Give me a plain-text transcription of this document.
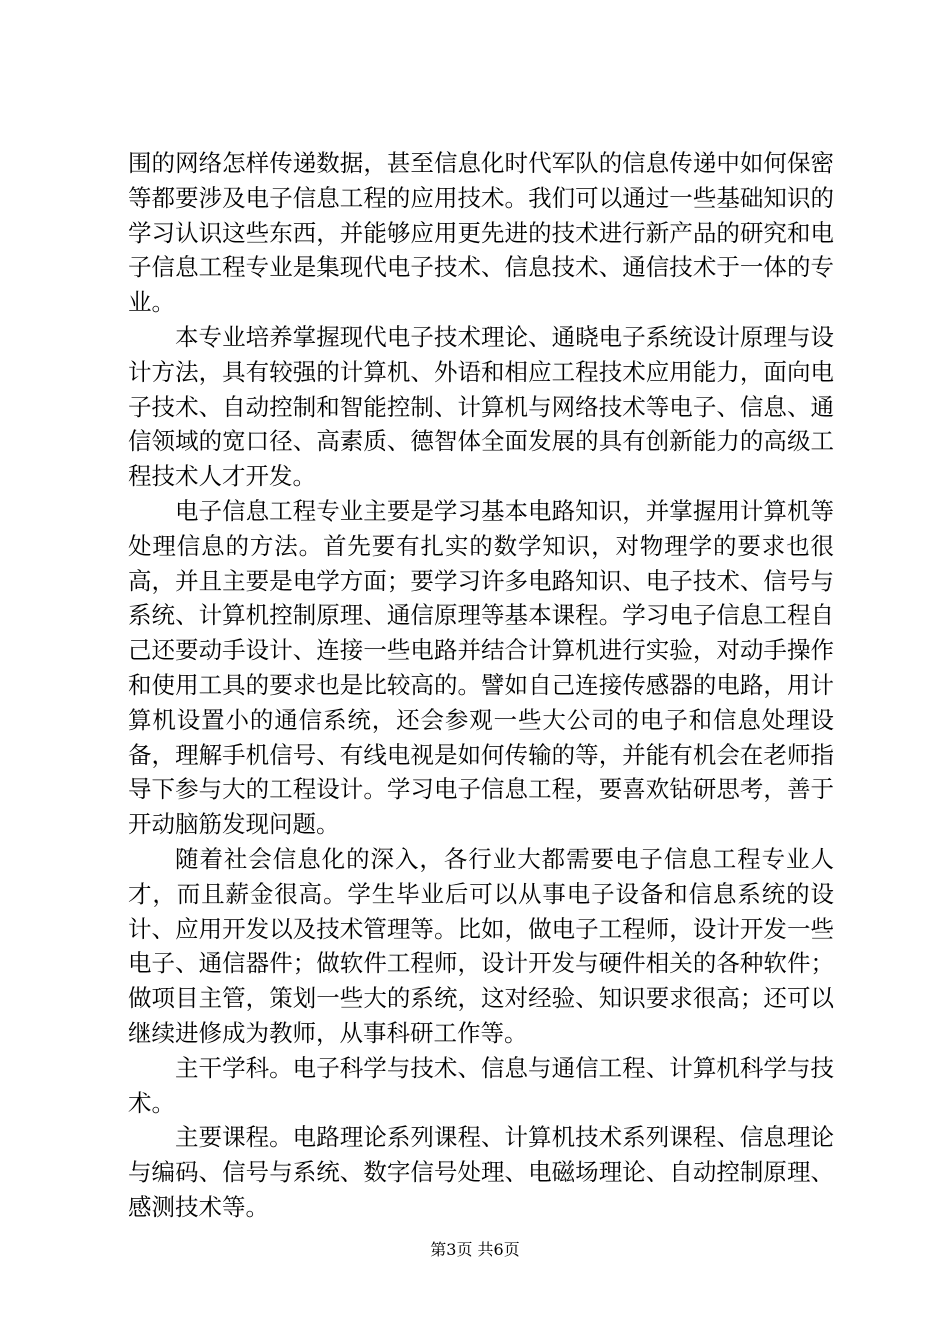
围的网络怎样传递数据，甚至信息化时代军队的信息传递中如何保密等都要涉及电子信息工程的应用技术。我们可以通过一些基础知识的学习认识这些东西，并能够应用更先进的技术进行新产品的研究和电子信息工程专业是集现代电子技术、信息技术、通信技术于一体的专业。

本专业培养掌握现代电子技术理论、通晓电子系统设计原理与设计方法，具有较强的计算机、外语和相应工程技术应用能力，面向电子技术、自动控制和智能控制、计算机与网络技术等电子、信息、通信领域的宽口径、高素质、德智体全面发展的具有创新能力的高级工程技术人才开发。

电子信息工程专业主要是学习基本电路知识，并掌握用计算机等处理信息的方法。首先要有扎实的数学知识，对物理学的要求也很高，并且主要是电学方面；要学习许多电路知识、电子技术、信号与系统、计算机控制原理、通信原理等基本课程。学习电子信息工程自己还要动手设计、连接一些电路并结合计算机进行实验，对动手操作和使用工具的要求也是比较高的。譬如自己连接传感器的电路，用计算机设置小的通信系统，还会参观一些大公司的电子和信息处理设备，理解手机信号、有线电视是如何传输的等，并能有机会在老师指导下参与大的工程设计。学习电子信息工程，要喜欢钻研思考，善于开动脑筋发现问题。

随着社会信息化的深入，各行业大都需要电子信息工程专业人才，而且薪金很高。学生毕业后可以从事电子设备和信息系统的设计、应用开发以及技术管理等。比如，做电子工程师，设计开发一些电子、通信器件；做软件工程师，设计开发与硬件相关的各种软件；做项目主管，策划一些大的系统，这对经验、知识要求很高；还可以继续进修成为教师，从事科研工作等。

主干学科。电子科学与技术、信息与通信工程、计算机科学与技术。

主要课程。电路理论系列课程、计算机技术系列课程、信息理论与编码、信号与系统、数字信号处理、电磁场理论、自动控制原理、感测技术等。

第3页 共6页
